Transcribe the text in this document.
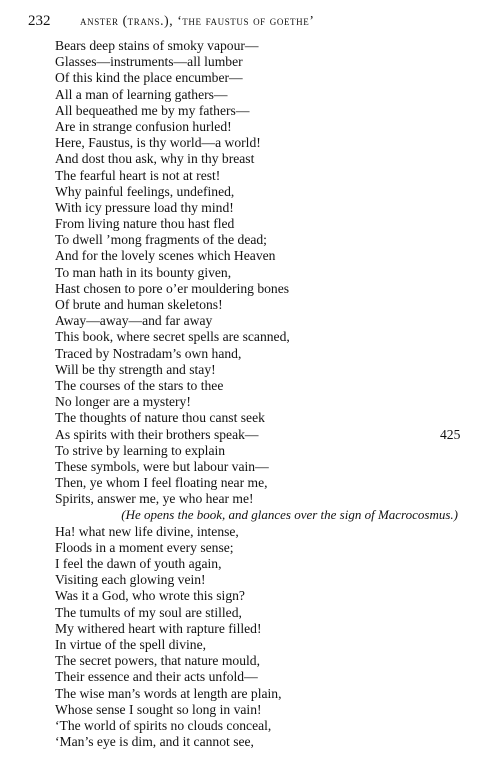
232 anster (trans.), ‘the faustus of goethe’
Bears deep stains of smoky vapour—
Glasses—instruments—all lumber
Of this kind the place encumber—
All a man of learning gathers—
All bequeathed me by my fathers—
Are in strange confusion hurled!
Here, Faustus, is thy world—a world!
And dost thou ask, why in thy breast
The fearful heart is not at rest!
Why painful feelings, undefined,
With icy pressure load thy mind!
From living nature thou hast fled
To dwell ’mong fragments of the dead;
And for the lovely scenes which Heaven
To man hath in its bounty given,
Hast chosen to pore o’er mouldering bones
Of brute and human skeletons!
Away—away—and far away
This book, where secret spells are scanned,
Traced by Nostradam’s own hand,
Will be thy strength and stay!
The courses of the stars to thee
No longer are a mystery!
The thoughts of nature thou canst seek
As spirits with their brothers speak—	425
To strive by learning to explain
These symbols, were but labour vain—
Then, ye whom I feel floating near me,
Spirits, answer me, ye who hear me!
(He opens the book, and glances over the sign of Macrocosmus.)
Ha! what new life divine, intense,
Floods in a moment every sense;
I feel the dawn of youth again,
Visiting each glowing vein!
Was it a God, who wrote this sign?
The tumults of my soul are stilled,
My withered heart with rapture filled!
In virtue of the spell divine,
The secret powers, that nature mould,
Their essence and their acts unfold—
The wise man’s words at length are plain,
Whose sense I sought so long in vain!
‘The world of spirits no clouds conceal,
‘Man’s eye is dim, and it cannot see,
